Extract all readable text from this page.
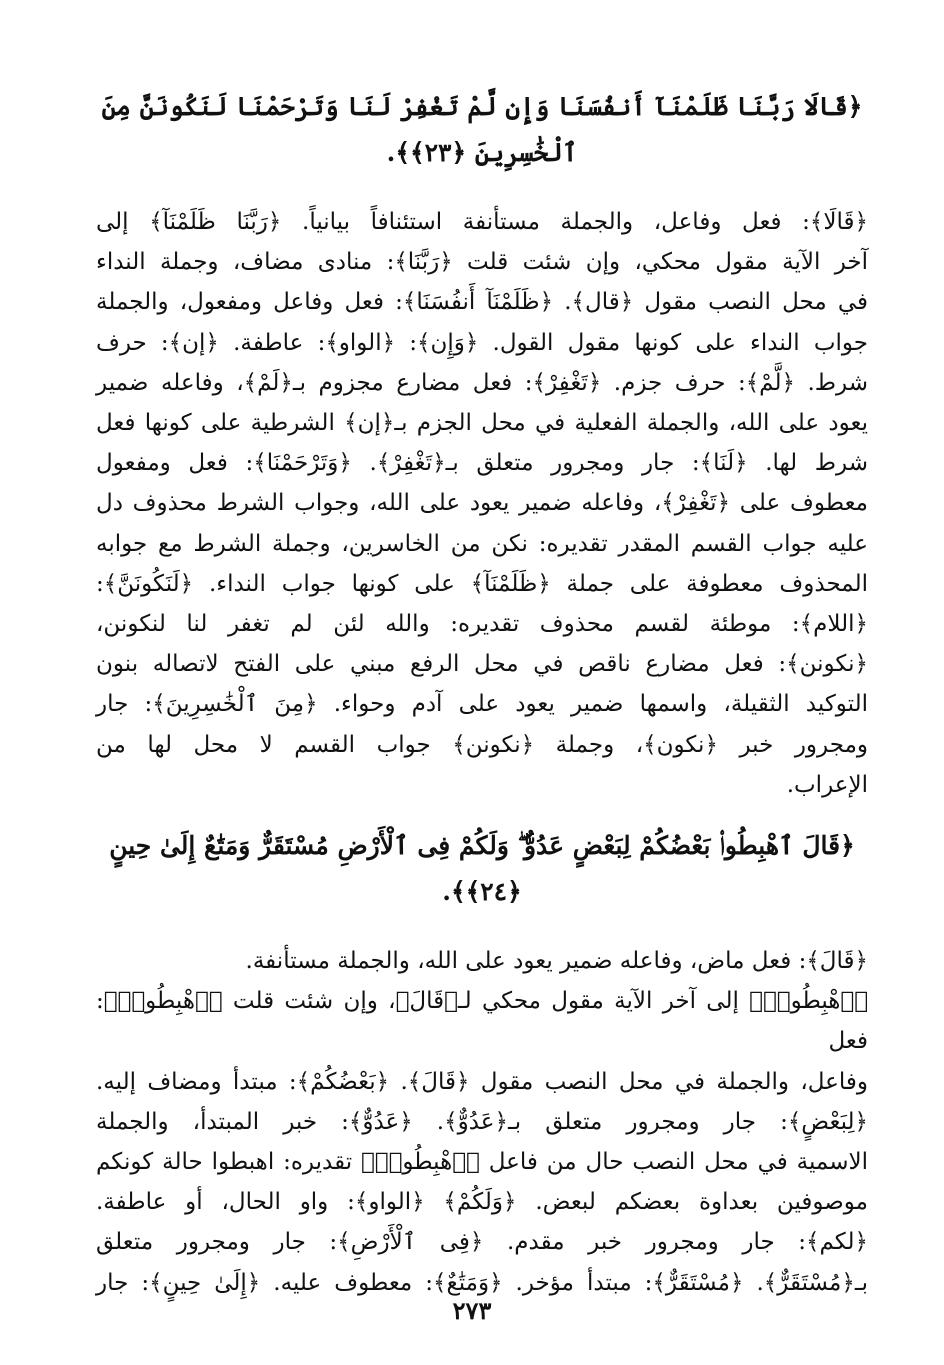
﴿قَالَا رَبَّنَا ظَلَمْنَآ أَنفُسَنَا وَإِن لَّمْ تَغْفِرْ لَنَا وَتَرْحَمْنَا لَنَكُونَنَّ مِنَ ٱلْخَٰسِرِينَ ﴿٢٣﴾﴾.

﴿قَالَا﴾: فعل وفاعل، والجملة مستأنفة استئنافاً بيانياً. ﴿رَبَّنَا ظَلَمْنَآ﴾ إلى
آخر الآية مقول محكي، وإن شئت قلت ﴿رَبَّنَا﴾: منادى مضاف، وجملة النداء
في محل النصب مقول ﴿قال﴾. ﴿ظَلَمْنَآ أَنفُسَنَا﴾: فعل وفاعل ومفعول، والجملة
جواب النداء على كونها مقول القول. ﴿وَإِن﴾: ﴿الواو﴾: عاطفة. ﴿إن﴾: حرف
شرط. ﴿لَّمْ﴾: حرف جزم. ﴿تَغْفِرْ﴾: فعل مضارع مجزوم بـ﴿لَمْ﴾، وفاعله ضمير
يعود على الله، والجملة الفعلية في محل الجزم بـ﴿إن﴾ الشرطية على كونها فعل
شرط لها. ﴿لَنَا﴾: جار ومجرور متعلق بـ﴿تَغْفِرْ﴾. ﴿وَتَرْحَمْنَا﴾: فعل ومفعول
معطوف على ﴿تَغْفِرْ﴾، وفاعله ضمير يعود على الله، وجواب الشرط محذوف دل
عليه جواب القسم المقدر تقديره: نكن من الخاسرين، وجملة الشرط مع جوابه
المحذوف معطوفة على جملة ﴿ظَلَمْنَآ﴾ على كونها جواب النداء. ﴿لَنَكُونَنَّ﴾:
﴿اللام﴾: موطئة لقسم محذوف تقديره: والله لئن لم تغفر لنا لنكونن،
﴿نكونن﴾: فعل مضارع ناقص في محل الرفع مبني على الفتح لاتصاله بنون
التوكيد الثقيلة، واسمها ضمير يعود على آدم وحواء. ﴿مِنَ ٱلْخَٰسِرِينَ﴾: جار
ومجرور خبر ﴿نكون﴾، وجملة ﴿نكونن﴾ جواب القسم لا محل لها من
الإعراب.

﴿قَالَ ٱهْبِطُوا۟ بَعْضُكُمْ لِبَعْضٍ عَدُوٌّ ۖ وَلَكُمْ فِى ٱلْأَرْضِ مُسْتَقَرٌّ وَمَتَٰعٌ إِلَىٰ حِينٍ ﴿٢٤﴾﴾.

﴿قَالَ﴾: فعل ماض، وفاعله ضمير يعود على الله، والجملة مستأنفة.
﴿ٱهْبِطُوا۟﴾ إلى آخر الآية مقول محكي لـ﴿قَالَ﴾، وإن شئت قلت ﴿ٱهْبِطُوا۟﴾: فعل
وفاعل، والجملة في محل النصب مقول ﴿قَالَ﴾. ﴿بَعْضُكُمْ﴾: مبتدأ ومضاف إليه.
﴿لِبَعْضٍ﴾: جار ومجرور متعلق بـ﴿عَدُوٌّ﴾. ﴿عَدُوٌّ﴾: خبر المبتدأ، والجملة
الاسمية في محل النصب حال من فاعل ﴿ٱهْبِطُوا۟﴾ تقديره: اهبطوا حالة كونكم
موصوفين بعداوة بعضكم لبعض. ﴿وَلَكُمْ﴾ ﴿الواو﴾: واو الحال، أو عاطفة.
﴿لكم﴾: جار ومجرور خبر مقدم. ﴿فِى ٱلْأَرْضِ﴾: جار ومجرور متعلق
بـ﴿مُسْتَقَرٌّ﴾. ﴿مُسْتَقَرٌّ﴾: مبتدأ مؤخر. ﴿وَمَتَٰعٌ﴾: معطوف عليه. ﴿إِلَىٰ حِينٍ﴾: جار
٢٧٣
